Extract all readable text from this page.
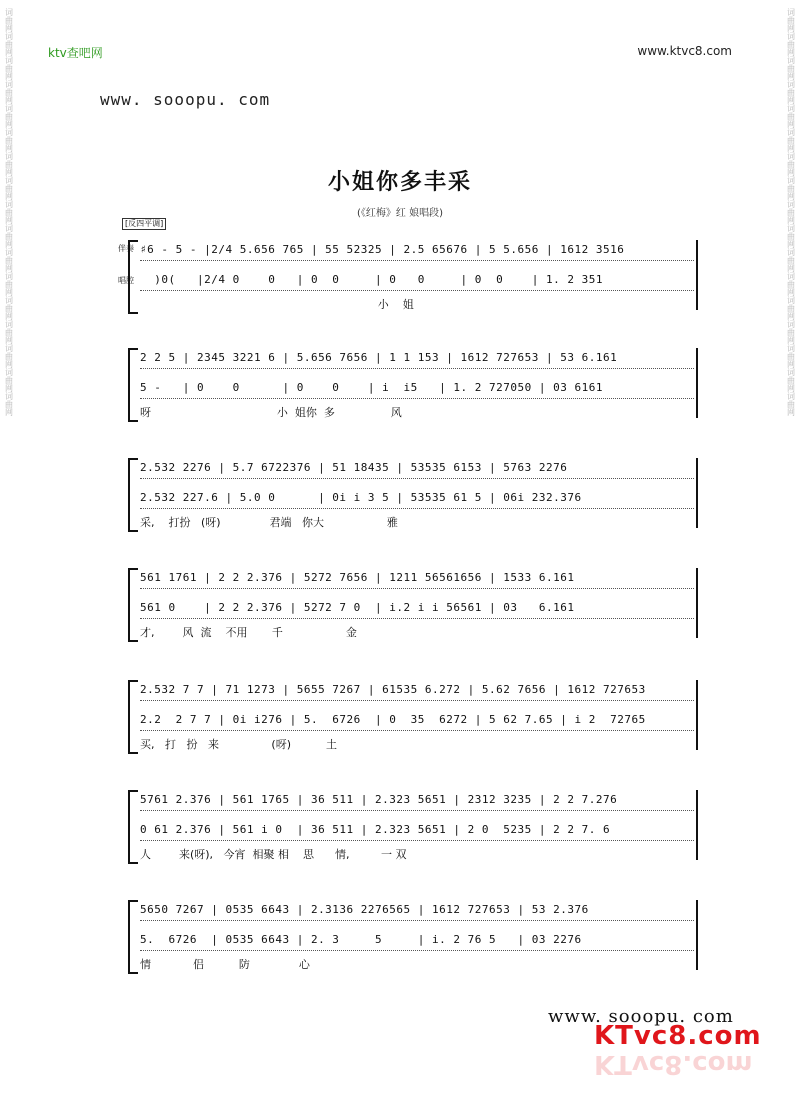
词曲网词曲网词曲网词曲网词曲网词曲网词曲网词曲网词曲网词曲网词曲网词曲网词曲网词曲网词曲网词曲网词曲网	词曲网词曲网词曲网词曲网词曲网词曲网词曲网词曲网词曲网词曲网词曲网词曲网词曲网词曲网词曲网词曲网词曲网
ktv查吧网	www.ktvc8.com
www. sooopu. com
小姐你多丰采
(《红梅》红 娘唱段)
[反四平调]
伴奏
唱腔
♯6 - 5 - |2/4 5.656 765 | 55 52325 | 2.5 65676 | 5 5.656 | 1612 3516
)0(   |2/4 0    0   | 0  0     | 0   0     | 0  0    | 1. 2 351
小    姐
2 2 5 | 2345 3221 6 | 5.656 7656 | 1 1 153 | 1612 727653 | 53 6.161
5 -   | 0    0      | 0    0    | i  i5   | 1. 2 727050 | 03 6161
呀                                    小  姐你  多                风
2.532 2276 | 5.7 6722376 | 51 18435 | 53535 6153 | 5763 2276
2.532 227.6 | 5.0 0      | 0i i 3 5 | 53535 61 5 | 06i 232.376
采,    打扮   (呀)              君端   你大                  雅
561 1761 | 2 2 2.376 | 5272 7656 | 1211 56561656 | 1533 6.161
561 0    | 2 2 2.376 | 5272 7 0  | i.2 i i 56561 | 03   6.161
才,        风  流    不用       千                  金
2.532 7 7 | 71 1273 | 5655 7267 | 61535 6.272 | 5.62 7656 | 1612 727653
2.2  2 7 7 | 0i i276 | 5.  6726  | 0  35  6272 | 5 62 7.65 | i 2  72765
买,   打   扮   来               (呀)          土
5761 2.376 | 561 1765 | 36 511 | 2.323 5651 | 2312 3235 | 2 2 7.276
0 61 2.376 | 561 i 0  | 36 511 | 2.323 5651 | 2 0  5235 | 2 2 7. 6
人        来(呀),   今宵  相聚 相    思      情,         一 双
5650 7267 | 0535 6643 | 2.3136 2276565 | 1612 727653 | 53 2.376
5.  6726  | 0535 6643 | 2. 3     5     | i. 2 76 5   | 03 2276
情            侣          防              心
www. sooopu. com
KTvc8.com
KTvc8.com
